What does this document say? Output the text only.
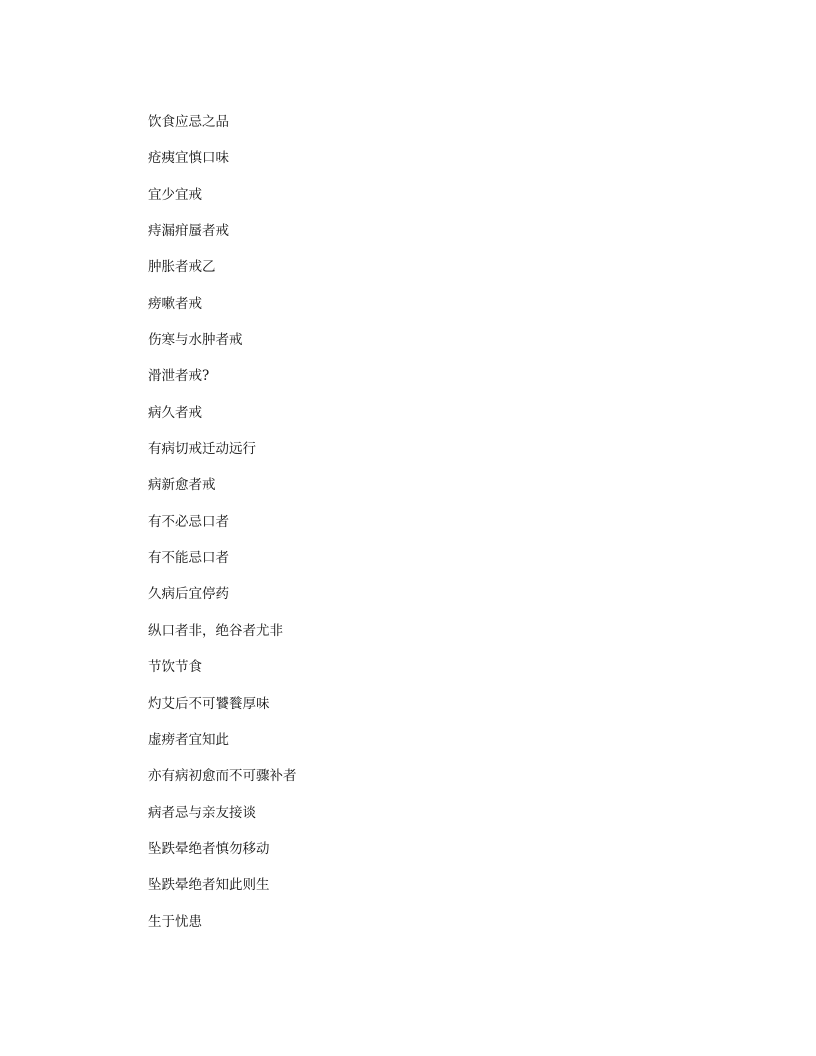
饮食应忌之品
疮痍宜慎口味
宜少宜戒
痔漏疳蜃者戒
肿胀者戒乙
痨嗽者戒
伤寒与水肿者戒
滑泄者戒?
病久者戒
有病切戒迁动远行
病新愈者戒
有不必忌口者
有不能忌口者
久病后宜停药
纵口者非，绝谷者尤非
节饮节食
灼艾后不可饕餮厚味
虚痨者宜知此
亦有病初愈而不可骤补者
病者忌与亲友接谈
坠跌晕绝者慎勿移动
坠跌晕绝者知此则生
生于忧患
